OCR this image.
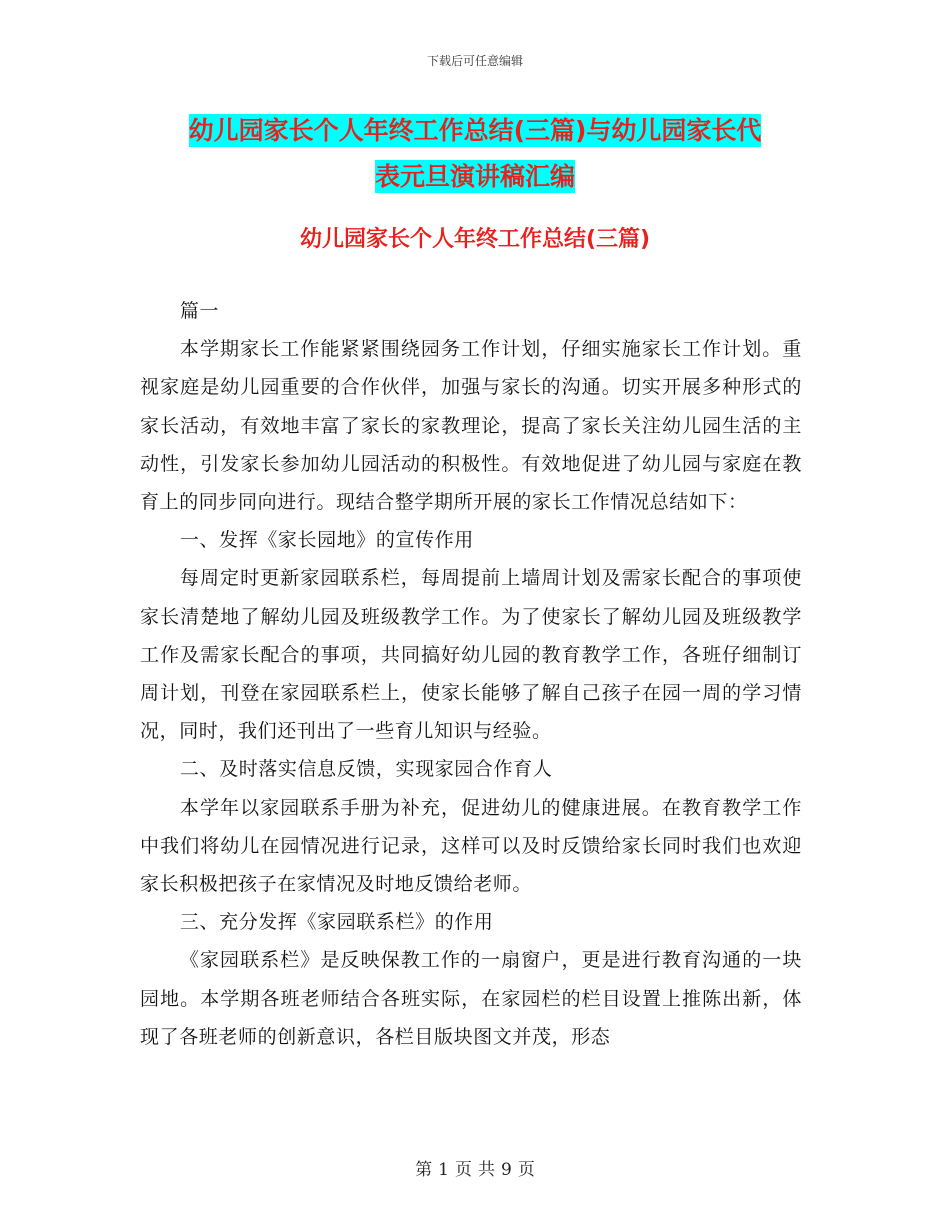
下载后可任意编辑
幼儿园家长个人年终工作总结(三篇)与幼儿园家长代
表元旦演讲稿汇编
幼儿园家长个人年终工作总结(三篇)

篇一

本学期家长工作能紧紧围绕园务工作计划，仔细实施家长工作计划。重视家庭是幼儿园重要的合作伙伴，加强与家长的沟通。切实开展多种形式的家长活动，有效地丰富了家长的家教理论，提高了家长关注幼儿园生活的主动性，引发家长参加幼儿园活动的积极性。有效地促进了幼儿园与家庭在教育上的同步同向进行。现结合整学期所开展的家长工作情况总结如下：

一、发挥《家长园地》的宣传作用

每周定时更新家园联系栏，每周提前上墙周计划及需家长配合的事项使家长清楚地了解幼儿园及班级教学工作。为了使家长了解幼儿园及班级教学工作及需家长配合的事项，共同搞好幼儿园的教育教学工作，各班仔细制订周计划，刊登在家园联系栏上，使家长能够了解自己孩子在园一周的学习情况，同时，我们还刊出了一些育儿知识与经验。

二、及时落实信息反馈，实现家园合作育人

本学年以家园联系手册为补充，促进幼儿的健康进展。在教育教学工作中我们将幼儿在园情况进行记录，这样可以及时反馈给家长同时我们也欢迎家长积极把孩子在家情况及时地反馈给老师。

三、充分发挥《家园联系栏》的作用

《家园联系栏》是反映保教工作的一扇窗户，更是进行教育沟通的一块园地。本学期各班老师结合各班实际，在家园栏的栏目设置上推陈出新，体现了各班老师的创新意识，各栏目版块图文并茂，形态

第 1 页 共 9 页
